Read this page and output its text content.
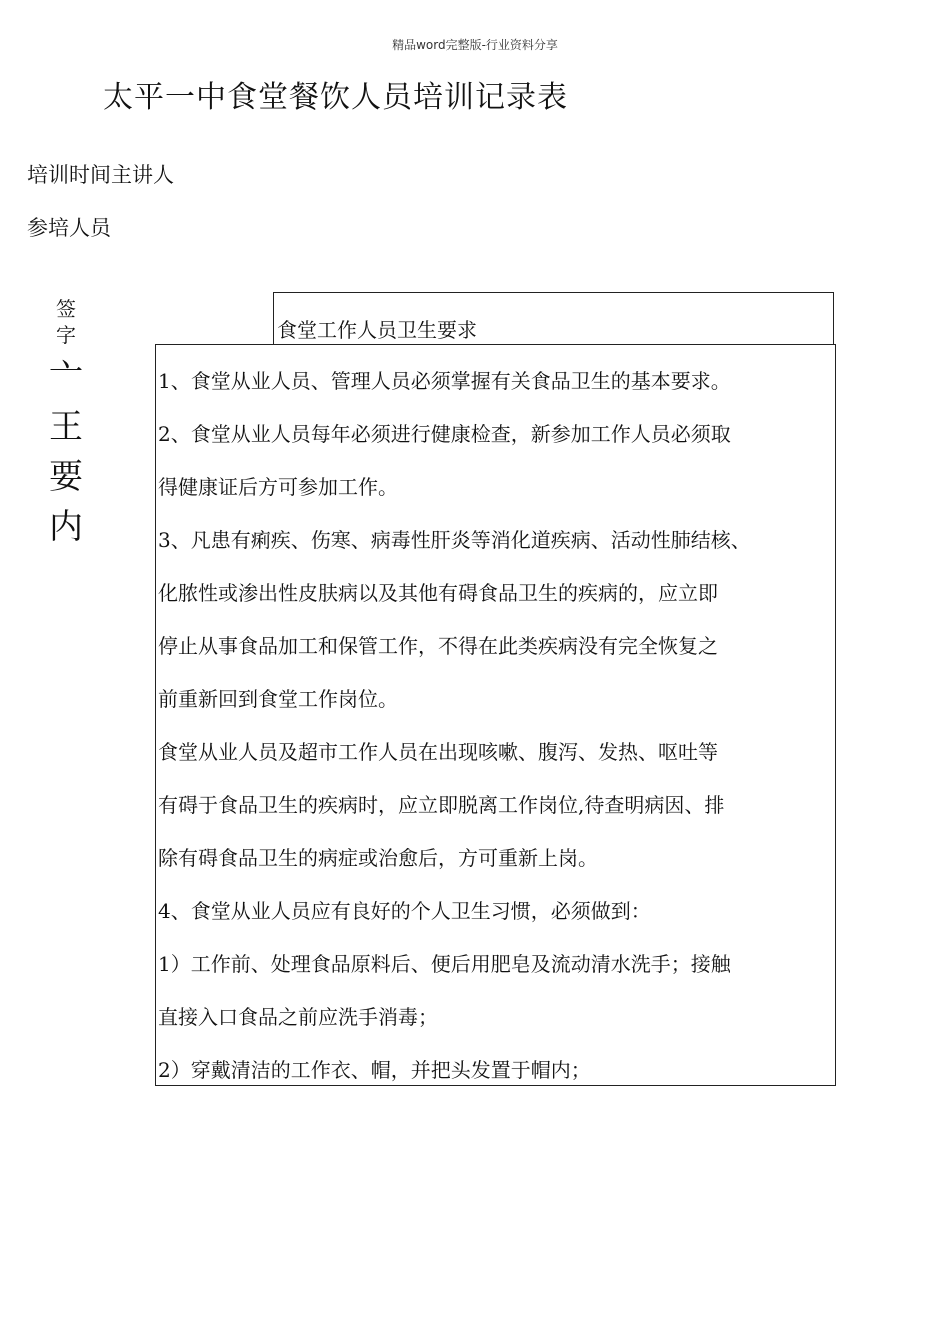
精品word完整版-行业资料分享
太平一中食堂餐饮人员培训记录表
培训时间主讲人
参培人员
签字
亠王要内
食堂工作人员卫生要求
1、食堂从业人员、管理人员必须掌握有关食品卫生的基本要求。
2、食堂从业人员每年必须进行健康检查，新参加工作人员必须取
得健康证后方可参加工作。
3、凡患有痢疾、伤寒、病毒性肝炎等消化道疾病、活动性肺结核、
化脓性或渗出性皮肤病以及其他有碍食品卫生的疾病的，应立即
停止从事食品加工和保管工作，不得在此类疾病没有完全恢复之
前重新回到食堂工作岗位。
食堂从业人员及超市工作人员在出现咳嗽、腹泻、发热、呕吐等
有碍于食品卫生的疾病时，应立即脱离工作岗位,待查明病因、排
除有碍食品卫生的病症或治愈后，方可重新上岗。
4、食堂从业人员应有良好的个人卫生习惯，必须做到：
1）工作前、处理食品原料后、便后用肥皂及流动清水洗手；接触
直接入口食品之前应洗手消毒；
2）穿戴清洁的工作衣、帽，并把头发置于帽内；
